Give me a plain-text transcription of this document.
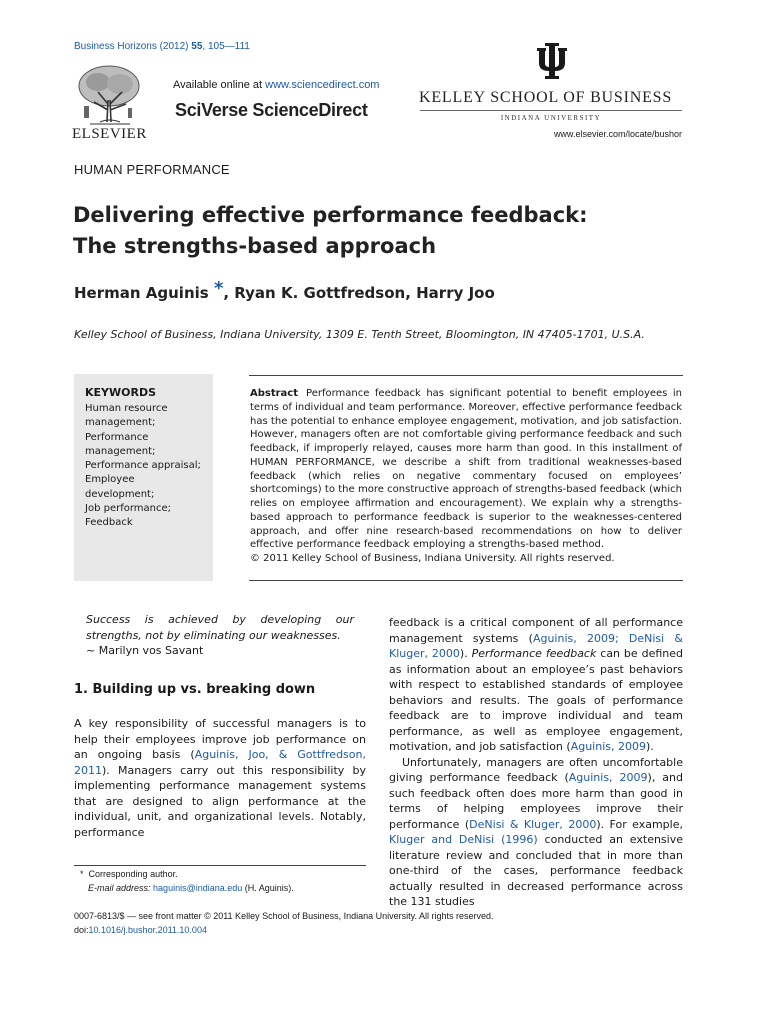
Business Horizons (2012) 55, 105—111
ELSEVIER
Available online at www.sciencedirect.com
SciVerse ScienceDirect
KELLEY SCHOOL OF BUSINESS
INDIANA UNIVERSITY
www.elsevier.com/locate/bushor
HUMAN PERFORMANCE
Delivering effective performance feedback:
The strengths-based approach
Herman Aguinis *, Ryan K. Gottfredson, Harry Joo
Kelley School of Business, Indiana University, 1309 E. Tenth Street, Bloomington, IN 47405-1701, U.S.A.
KEYWORDS
Human resource
management;
Performance
management;
Performance appraisal;
Employee
development;
Job performance;
Feedback
Abstract Performance feedback has significant potential to benefit employees in terms of individual and team performance. Moreover, effective performance feedback has the potential to enhance employee engagement, motivation, and job satisfaction. However, managers often are not comfortable giving performance feedback and such feedback, if improperly relayed, causes more harm than good. In this installment of HUMAN PERFORMANCE, we describe a shift from traditional weaknesses-based feedback (which relies on negative commentary focused on employees’ shortcomings) to the more constructive approach of strengths-based feedback (which relies on employee affirmation and encouragement). We explain why a strengths-based approach to performance feedback is superior to the weaknesses-centered approach, and offer nine research-based recommendations on how to deliver effective performance feedback employing a strengths-based method.
© 2011 Kelley School of Business, Indiana University. All rights reserved.
Success is achieved by developing our strengths, not by eliminating our weaknesses.
~ Marilyn vos Savant
1. Building up vs. breaking down
A key responsibility of successful managers is to help their employees improve job performance on an ongoing basis (Aguinis, Joo, & Gottfredson, 2011). Managers carry out this responsibility by implementing performance management systems that are designed to align performance at the individual, unit, and organizational levels. Notably, performance

feedback is a critical component of all performance management systems (Aguinis, 2009; DeNisi & Kluger, 2000). Performance feedback can be defined as information about an employee’s past behaviors with respect to established standards of employee behaviors and results. The goals of performance feedback are to improve individual and team performance, as well as employee engagement, motivation, and job satisfaction (Aguinis, 2009).

Unfortunately, managers are often uncomfortable giving performance feedback (Aguinis, 2009), and such feedback often does more harm than good in terms of helping employees improve their performance (DeNisi & Kluger, 2000). For example, Kluger and DeNisi (1996) conducted an extensive literature review and concluded that in more than one-third of the cases, performance feedback actually resulted in decreased performance across the 131 studies

* Corresponding author.
E-mail address: haguinis@indiana.edu (H. Aguinis).
0007-6813/$ — see front matter © 2011 Kelley School of Business, Indiana University. All rights reserved.
doi:10.1016/j.bushor.2011.10.004
